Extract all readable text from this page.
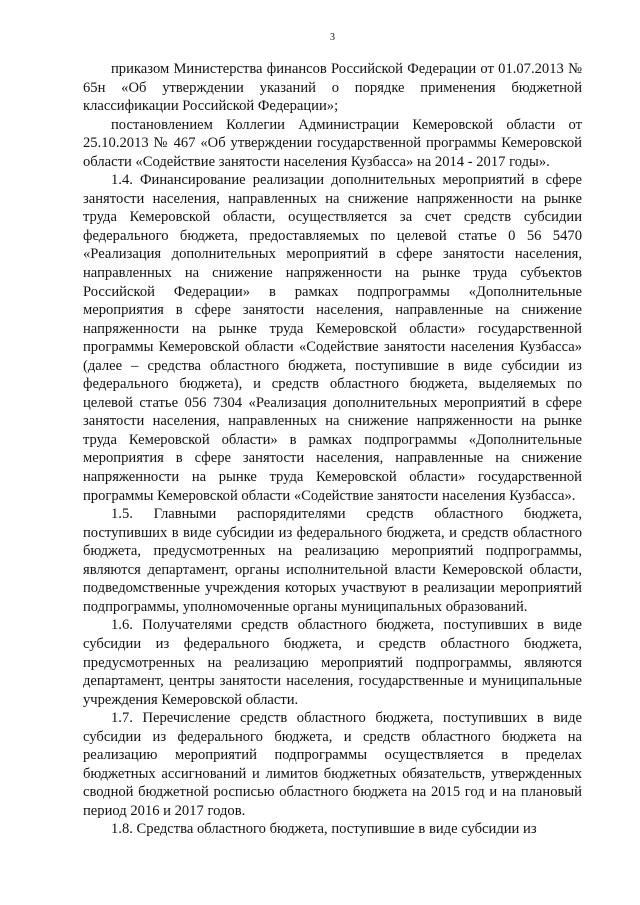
3

приказом Министерства финансов Российской Федерации от 01.07.2013 № 65н «Об утверждении указаний о порядке применения бюджетной классификации Российской Федерации»;

постановлением Коллегии Администрации Кемеровской области от 25.10.2013 № 467 «Об утверждении государственной программы Кемеровской области «Содействие занятости населения Кузбасса» на 2014 - 2017 годы».

1.4. Финансирование реализации дополнительных мероприятий в сфере занятости населения, направленных на снижение напряженности на рынке труда Кемеровской области, осуществляется за счет средств субсидии федерального бюджета, предоставляемых по целевой статье 0 56 5470 «Реализация дополнительных мероприятий в сфере занятости населения, направленных на снижение напряженности на рынке труда субъектов Российской Федерации» в рамках подпрограммы «Дополнительные мероприятия в сфере занятости населения, направленные на снижение напряженности на рынке труда Кемеровской области» государственной программы Кемеровской области «Содействие занятости населения Кузбасса» (далее – средства областного бюджета, поступившие в виде субсидии из федерального бюджета), и средств областного бюджета, выделяемых по целевой статье 056 7304 «Реализация дополнительных мероприятий в сфере занятости населения, направленных на снижение напряженности на рынке труда Кемеровской области» в рамках подпрограммы «Дополнительные мероприятия в сфере занятости населения, направленные на снижение напряженности на рынке труда Кемеровской области» государственной программы Кемеровской области «Содействие занятости населения Кузбасса».

1.5. Главными распорядителями средств областного бюджета, поступивших в виде субсидии из федерального бюджета, и средств областного бюджета, предусмотренных на реализацию мероприятий подпрограммы, являются департамент, органы исполнительной власти Кемеровской области, подведомственные учреждения которых участвуют в реализации мероприятий подпрограммы, уполномоченные органы муниципальных образований.

1.6. Получателями средств областного бюджета, поступивших в виде субсидии из федерального бюджета, и средств областного бюджета, предусмотренных на реализацию мероприятий подпрограммы, являются департамент, центры занятости населения, государственные и муниципальные учреждения Кемеровской области.

1.7. Перечисление средств областного бюджета, поступивших в виде субсидии из федерального бюджета, и средств областного бюджета на реализацию мероприятий подпрограммы осуществляется в пределах бюджетных ассигнований и лимитов бюджетных обязательств, утвержденных сводной бюджетной росписью областного бюджета на 2015 год и на плановый период 2016 и 2017 годов.

1.8. Средства областного бюджета, поступившие в виде субсидии из
